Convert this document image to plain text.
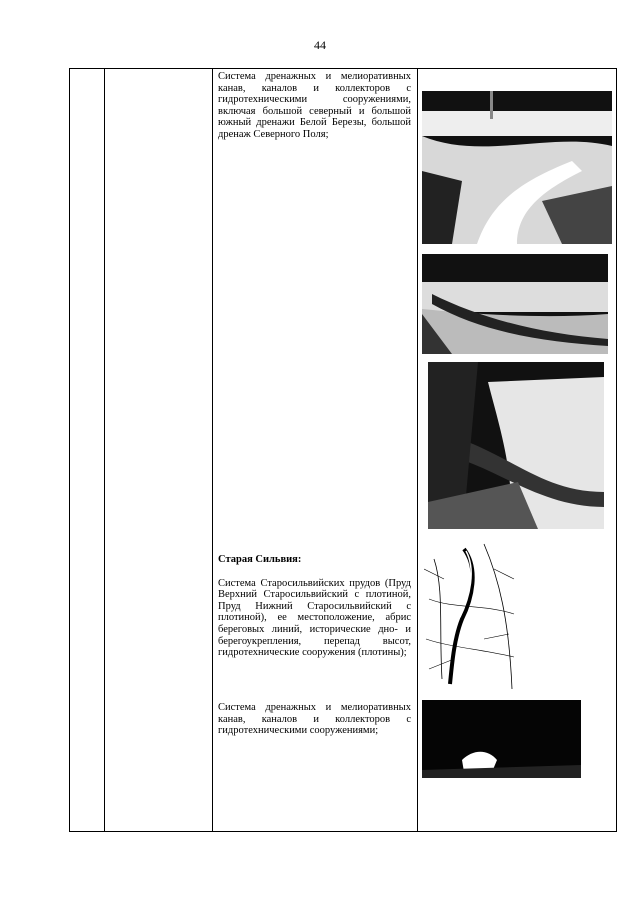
44

Система дренажных и мелиоративных канав, каналов и коллекторов с гидротехническими сооружениями, включая большой северный и большой южный дренажи Белой Березы, большой дренаж Северного Поля;

Старая Сильвия:

Система Старосильвийских прудов (Пруд Верхний Старосильвийский с плотиной, Пруд Нижний Старосильвийский с плотиной), ее местоположение, абрис береговых линий, исторические дно- и берегоукрепления, перепад высот, гидротехнические сооружения (плотины);

Система дренажных и мелиоративных канав, каналов и коллекторов с гидротехническими сооружениями;
